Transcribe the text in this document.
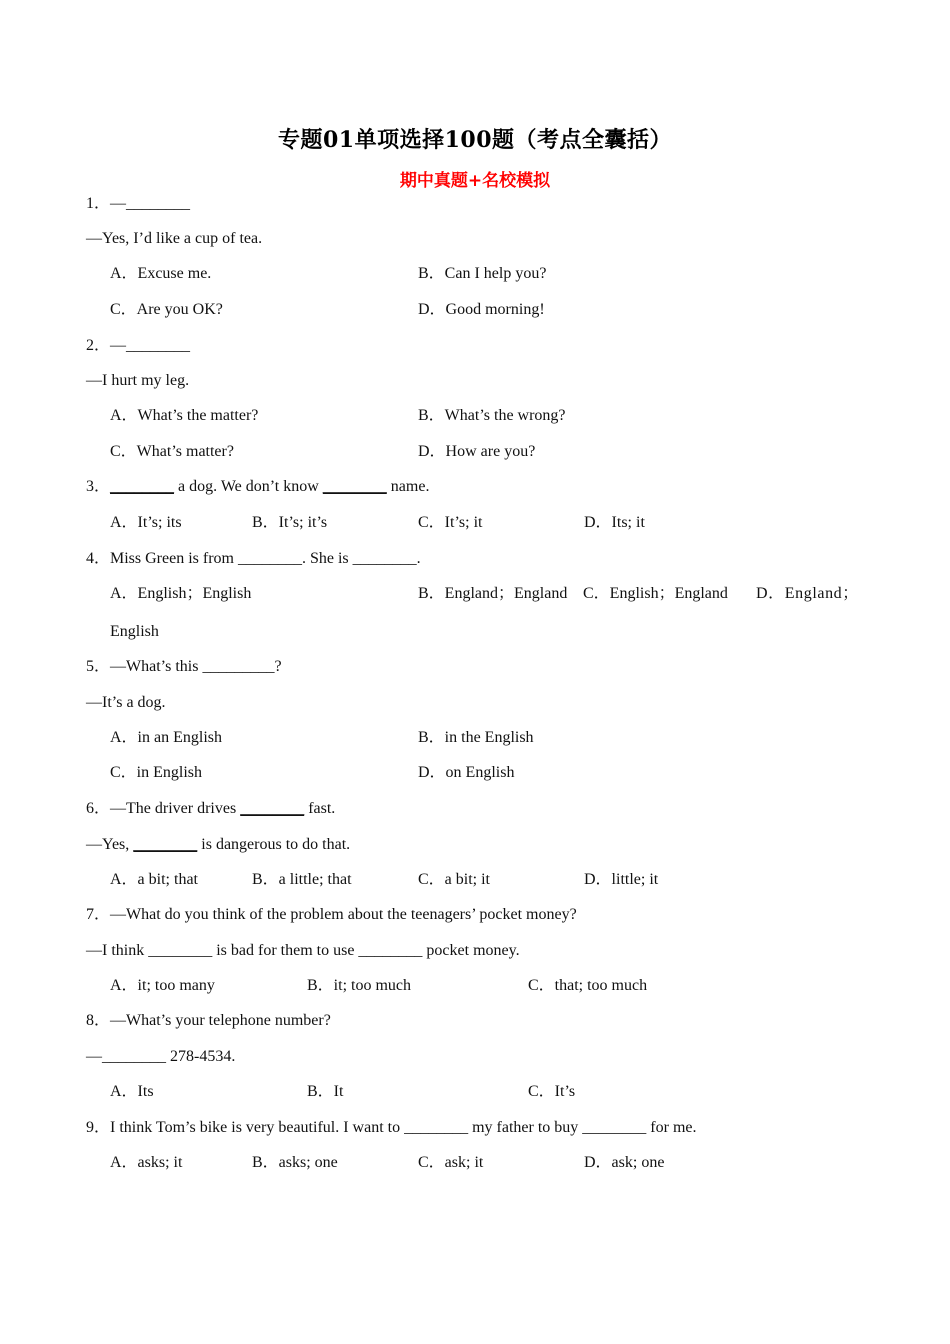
专题01单项选择100题（考点全囊括）
期中真题+名校模拟
1．—________
—Yes, I’d like a cup of tea.
A．Excuse me.	B．Can I help you?
C．Are you OK?	D．Good morning!
2．—________
—I hurt my leg.
A．What’s the matter?	B．What’s the wrong?
C．What’s matter?	D．How are you?
3．________ a dog. We don’t know ________ name.
A．It’s; its	B．It’s; it’s	C．It’s; it	D．Its; it
4．Miss Green is from ________. She is ________.
A．English；English	B．England；England C．English；England D．England；
English
5．—What’s this _________?
—It’s a dog.
A．in an English	B．in the English
C．in English	D．on English
6．—The driver drives ________ fast.
—Yes, ________ is dangerous to do that.
A．a bit; that	B．a little; that	C．a bit; it	D．little; it
7．—What do you think of the problem about the teenagers’ pocket money?
—I think ________ is bad for them to use ________ pocket money.
A．it; too many	B．it; too much	C．that; too much
8．—What’s your telephone number?
—________ 278-4534.
A．Its	B．It	C．It’s
9．I think Tom’s bike is very beautiful. I want to ________ my father to buy ________ for me.
A．asks; it	B．asks; one	C．ask; it	D．ask; one
